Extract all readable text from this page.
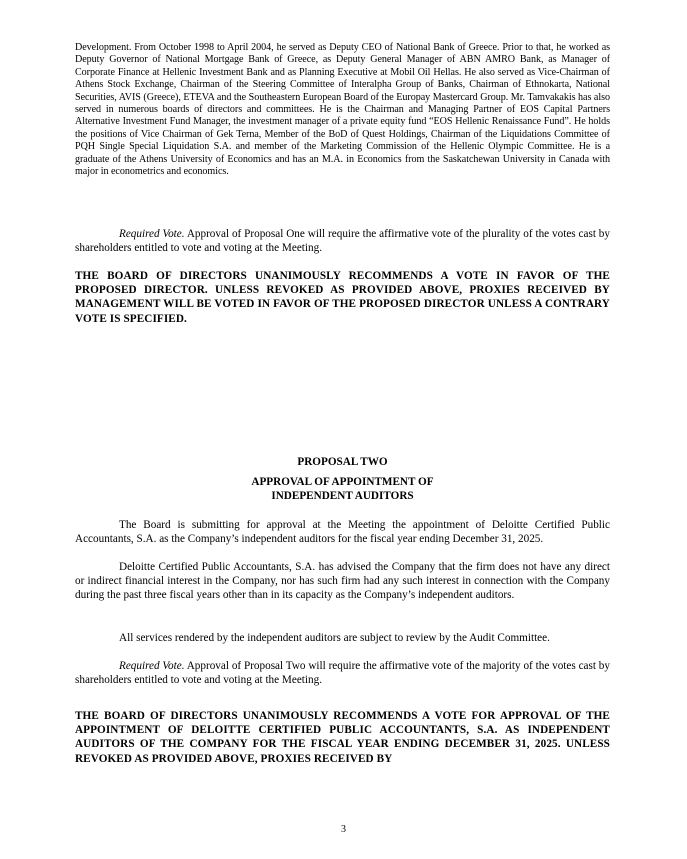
Development. From October 1998 to April 2004, he served as Deputy CEO of National Bank of Greece. Prior to that, he worked as Deputy Governor of National Mortgage Bank of Greece, as Deputy General Manager of ABN AMRO Bank, as Manager of Corporate Finance at Hellenic Investment Bank and as Planning Executive at Mobil Oil Hellas. He also served as Vice-Chairman of Athens Stock Exchange, Chairman of the Steering Committee of Interalpha Group of Banks, Chairman of Ethnokarta, National Securities, AVIS (Greece), ETEVA and the Southeastern European Board of the Europay Mastercard Group. Mr. Tamvakakis has also served in numerous boards of directors and committees. He is the Chairman and Managing Partner of EOS Capital Partners Alternative Investment Fund Manager, the investment manager of a private equity fund “EOS Hellenic Renaissance Fund”. He holds the positions of Vice Chairman of Gek Terna, Member of the BoD of Quest Holdings, Chairman of the Liquidations Committee of PQH Single Special Liquidation S.A. and member of the Marketing Commission of the Hellenic Olympic Committee. He is a graduate of the Athens University of Economics and has an M.A. in Economics from the Saskatchewan University in Canada with major in econometrics and economics.

Required Vote. Approval of Proposal One will require the affirmative vote of the plurality of the votes cast by shareholders entitled to vote and voting at the Meeting.

THE BOARD OF DIRECTORS UNANIMOUSLY RECOMMENDS A VOTE IN FAVOR OF THE PROPOSED DIRECTOR. UNLESS REVOKED AS PROVIDED ABOVE, PROXIES RECEIVED BY MANAGEMENT WILL BE VOTED IN FAVOR OF THE PROPOSED DIRECTOR UNLESS A CONTRARY VOTE IS SPECIFIED.

PROPOSAL TWO

APPROVAL OF APPOINTMENT OF

INDEPENDENT AUDITORS

The Board is submitting for approval at the Meeting the appointment of Deloitte Certified Public Accountants, S.A. as the Company’s independent auditors for the fiscal year ending December 31, 2025.

Deloitte Certified Public Accountants, S.A. has advised the Company that the firm does not have any direct or indirect financial interest in the Company, nor has such firm had any such interest in connection with the Company during the past three fiscal years other than in its capacity as the Company’s independent auditors.

All services rendered by the independent auditors are subject to review by the Audit Committee.

Required Vote. Approval of Proposal Two will require the affirmative vote of the majority of the votes cast by shareholders entitled to vote and voting at the Meeting.

THE BOARD OF DIRECTORS UNANIMOUSLY RECOMMENDS A VOTE FOR APPROVAL OF THE APPOINTMENT OF DELOITTE CERTIFIED PUBLIC ACCOUNTANTS, S.A. AS INDEPENDENT AUDITORS OF THE COMPANY FOR THE FISCAL YEAR ENDING DECEMBER 31, 2025. UNLESS REVOKED AS PROVIDED ABOVE, PROXIES RECEIVED BY

3
